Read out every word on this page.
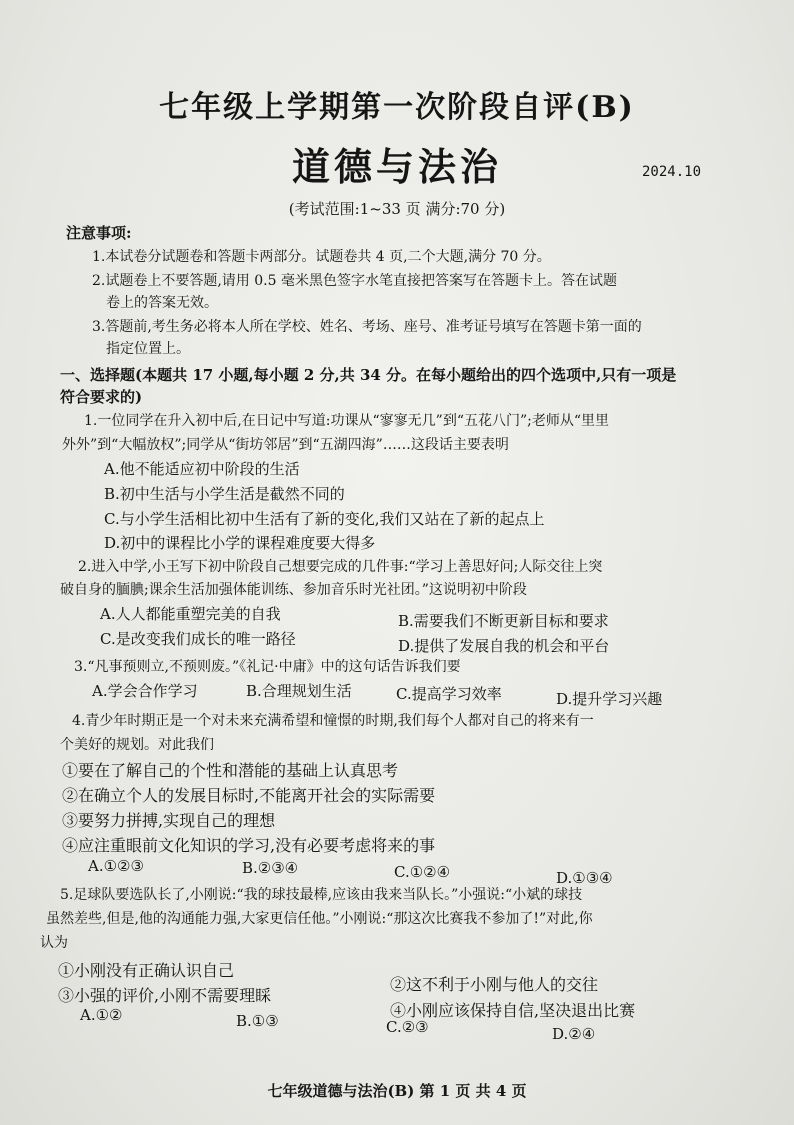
七年级上学期第一次阶段自评(B)
道德与法治	2024.10
(考试范围:1~33 页 满分:70 分)
注意事项:
1.本试卷分试题卷和答题卡两部分。试题卷共 4 页,二个大题,满分 70 分。
2.试题卷上不要答题,请用 0.5 毫米黑色签字水笔直接把答案写在答题卡上。答在试题
卷上的答案无效。
3.答题前,考生务必将本人所在学校、姓名、考场、座号、准考证号填写在答题卡第一面的
指定位置上。
一、选择题(本题共 17 小题,每小题 2 分,共 34 分。在每小题给出的四个选项中,只有一项是
符合要求的)
1.一位同学在升入初中后,在日记中写道:功课从“寥寥无几”到“五花八门”;老师从“里里
外外”到“大幅放权”;同学从“街坊邻居”到“五湖四海”……这段话主要表明
A.他不能适应初中阶段的生活
B.初中生活与小学生活是截然不同的
C.与小学生活相比初中生活有了新的变化,我们又站在了新的起点上
D.初中的课程比小学的课程难度要大得多
2.进入中学,小王写下初中阶段自己想要完成的几件事:“学习上善思好问;人际交往上突
破自身的腼腆;课余生活加强体能训练、参加音乐时光社团。”这说明初中阶段
A.人人都能重塑完美的自我	B.需要我们不断更新目标和要求
C.是改变我们成长的唯一路径	D.提供了发展自我的机会和平台
3.“凡事预则立,不预则废。”《礼记·中庸》中的这句话告诉我们要
A.学会合作学习	B.合理规划生活	C.提高学习效率	D.提升学习兴趣
4.青少年时期正是一个对未来充满希望和憧憬的时期,我们每个人都对自己的将来有一
个美好的规划。对此我们
①要在了解自己的个性和潜能的基础上认真思考
②在确立个人的发展目标时,不能离开社会的实际需要
③要努力拼搏,实现自己的理想
④应注重眼前文化知识的学习,没有必要考虑将来的事
A.①②③	B.②③④	C.①②④	D.①③④
5.足球队要选队长了,小刚说:“我的球技最棒,应该由我来当队长。”小强说:“小斌的球技
虽然差些,但是,他的沟通能力强,大家更信任他。”小刚说:“那这次比赛我不参加了!”对此,你
认为
①小刚没有正确认识自己
②这不利于小刚与他人的交往
③小强的评价,小刚不需要理睬
④小刚应该保持自信,坚决退出比赛
A.①②	B.①③	C.②③	D.②④
七年级道德与法治(B) 第 1 页 共 4 页
